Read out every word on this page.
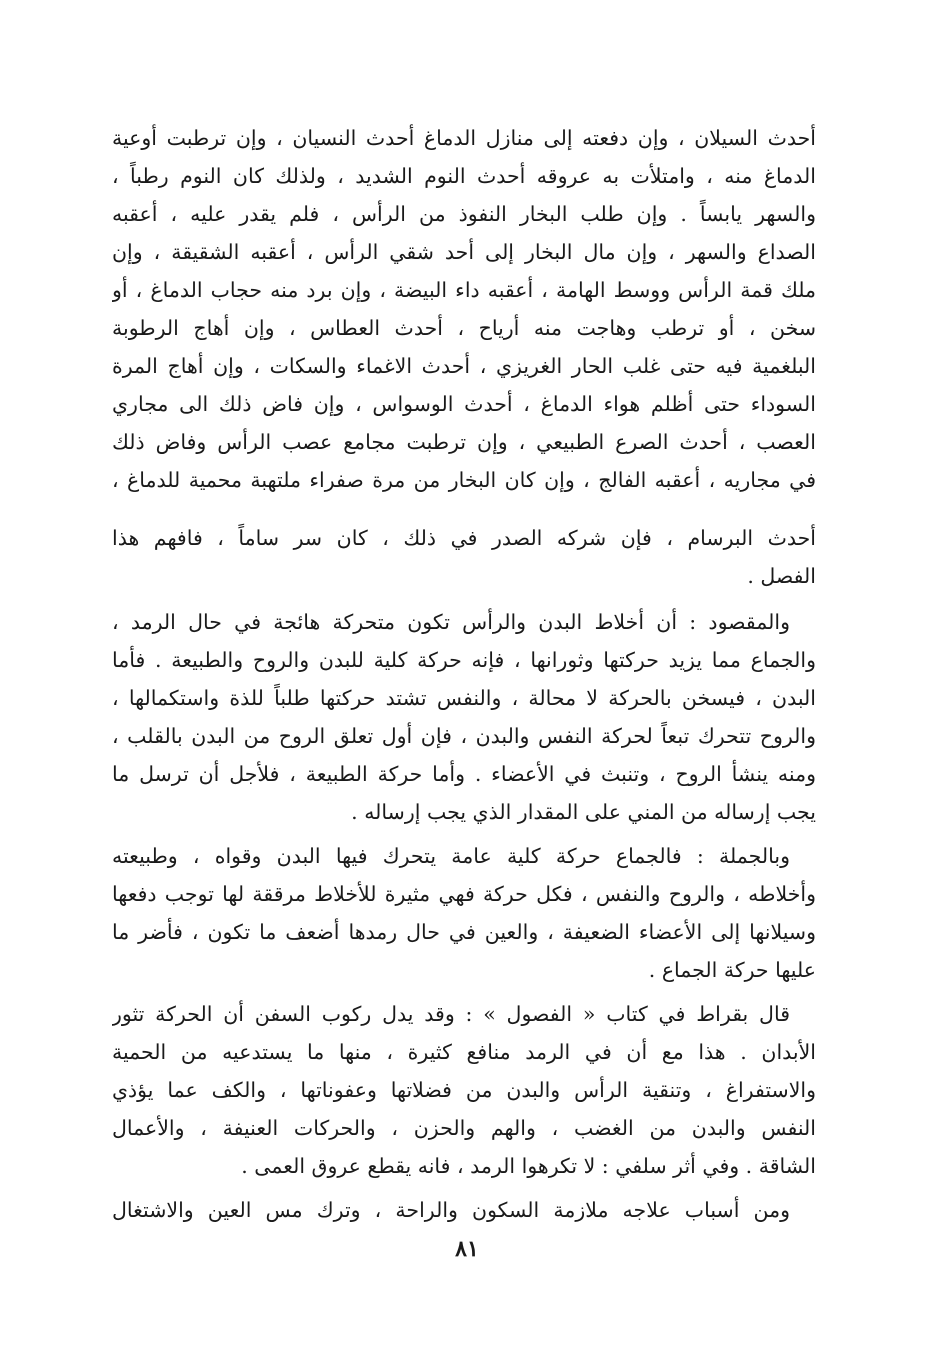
أحدث السيلان ، وإن دفعته إلى منازل الدماغ أحدث النسيان ، وإن ترطبت أوعية
الدماغ منه ، وامتلأت به عروقه أحدث النوم الشديد ، ولذلك كان النوم رطباً ،
والسهر يابساً . وإن طلب البخار النفوذ من الرأس ، فلم يقدر عليه ، أعقبه
الصداع والسهر ، وإن مال البخار إلى أحد شقي الرأس ، أعقبه الشقيقة ، وإن
ملك قمة الرأس ووسط الهامة ، أعقبه داء البيضة ، وإن برد منه حجاب الدماغ ، أو
سخن ، أو ترطب وهاجت منه أرياح ، أحدث العطاس ، وإن أهاج الرطوبة
البلغمية فيه حتى غلب الحار الغريزي ، أحدث الاغماء والسكات ، وإن أهاج المرة
السوداء حتى أظلم هواء الدماغ ، أحدث الوسواس ، وإن فاض ذلك الى مجاري
العصب ، أحدث الصرع الطبيعي ، وإن ترطبت مجامع عصب الرأس وفاض ذلك
في مجاريه ، أعقبه الفالج ، وإن كان البخار من مرة صفراء ملتهبة محمية للدماغ ،
أحدث البرسام ، فإن شركه الصدر في ذلك ، كان سر ساماً ، فافهم هذا
الفصل .
والمقصود : أن أخلاط البدن والرأس تكون متحركة هائجة في حال الرمد ،
والجماع مما يزيد حركتها وثورانها ، فإنه حركة كلية للبدن والروح والطبيعة . فأما
البدن ، فيسخن بالحركة لا محالة ، والنفس تشتد حركتها طلباً للذة واستكمالها ،
والروح تتحرك تبعاً لحركة النفس والبدن ، فإن أول تعلق الروح من البدن بالقلب ،
ومنه ينشأ الروح ، وتنبث في الأعضاء . وأما حركة الطبيعة ، فلأجل أن ترسل ما
يجب إرساله من المني على المقدار الذي يجب إرساله .
وبالجملة : فالجماع حركة كلية عامة يتحرك فيها البدن وقواه ، وطبيعته
وأخلاطه ، والروح والنفس ، فكل حركة فهي مثيرة للأخلاط مرققة لها توجب دفعها
وسيلانها إلى الأعضاء الضعيفة ، والعين في حال رمدها أضعف ما تكون ، فأضر ما
عليها حركة الجماع .
قال بقراط في كتاب « الفصول » : وقد يدل ركوب السفن أن الحركة تثور
الأبدان . هذا مع أن في الرمد منافع كثيرة ، منها ما يستدعيه من الحمية
والاستفراغ ، وتنقية الرأس والبدن من فضلاتها وعفوناتها ، والكف عما يؤذي
النفس والبدن من الغضب ، والهم والحزن ، والحركات العنيفة ، والأعمال
الشاقة . وفي أثر سلفي : لا تكرهوا الرمد ، فانه يقطع عروق العمى .
ومن أسباب علاجه ملازمة السكون والراحة ، وترك مس العين والاشتغال
٨١
